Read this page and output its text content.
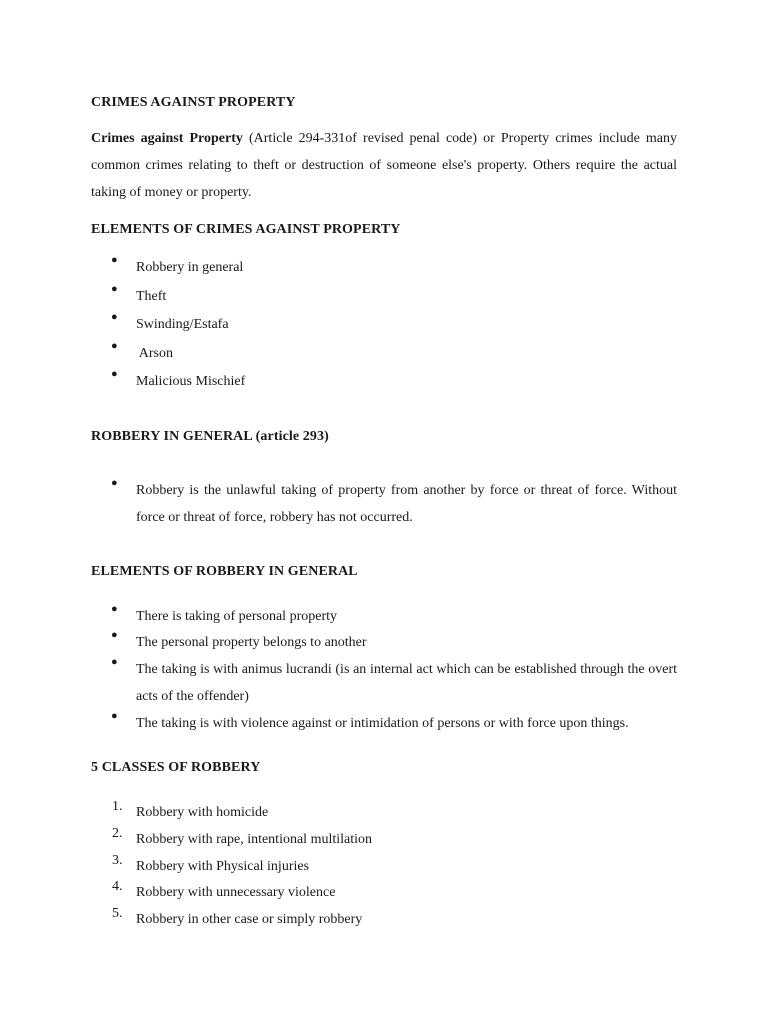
CRIMES AGAINST PROPERTY

Crimes against Property (Article 294-331of revised penal code) or Property crimes include many common crimes relating to theft or destruction of someone else's property. Others require the actual taking of money or property.

ELEMENTS OF CRIMES AGAINST PROPERTY
● Robbery in general
● Theft
● Swinding/Estafa
● Arson
● Malicious Mischief
ROBBERY IN GENERAL (article 293)
● Robbery is the unlawful taking of property from another by force or threat of force. Without force or threat of force, robbery has not occurred.
ELEMENTS OF ROBBERY IN GENERAL
● There is taking of personal property
● The personal property belongs to another
● The taking is with animus lucrandi (is an internal act which can be established through the overt acts of the offender)
● The taking is with violence against or intimidation of persons or with force upon things.
5 CLASSES OF ROBBERY
1. Robbery with homicide
2. Robbery with rape, intentional multilation
3. Robbery with Physical injuries
4. Robbery with unnecessary violence
5. Robbery in other case or simply robbery
